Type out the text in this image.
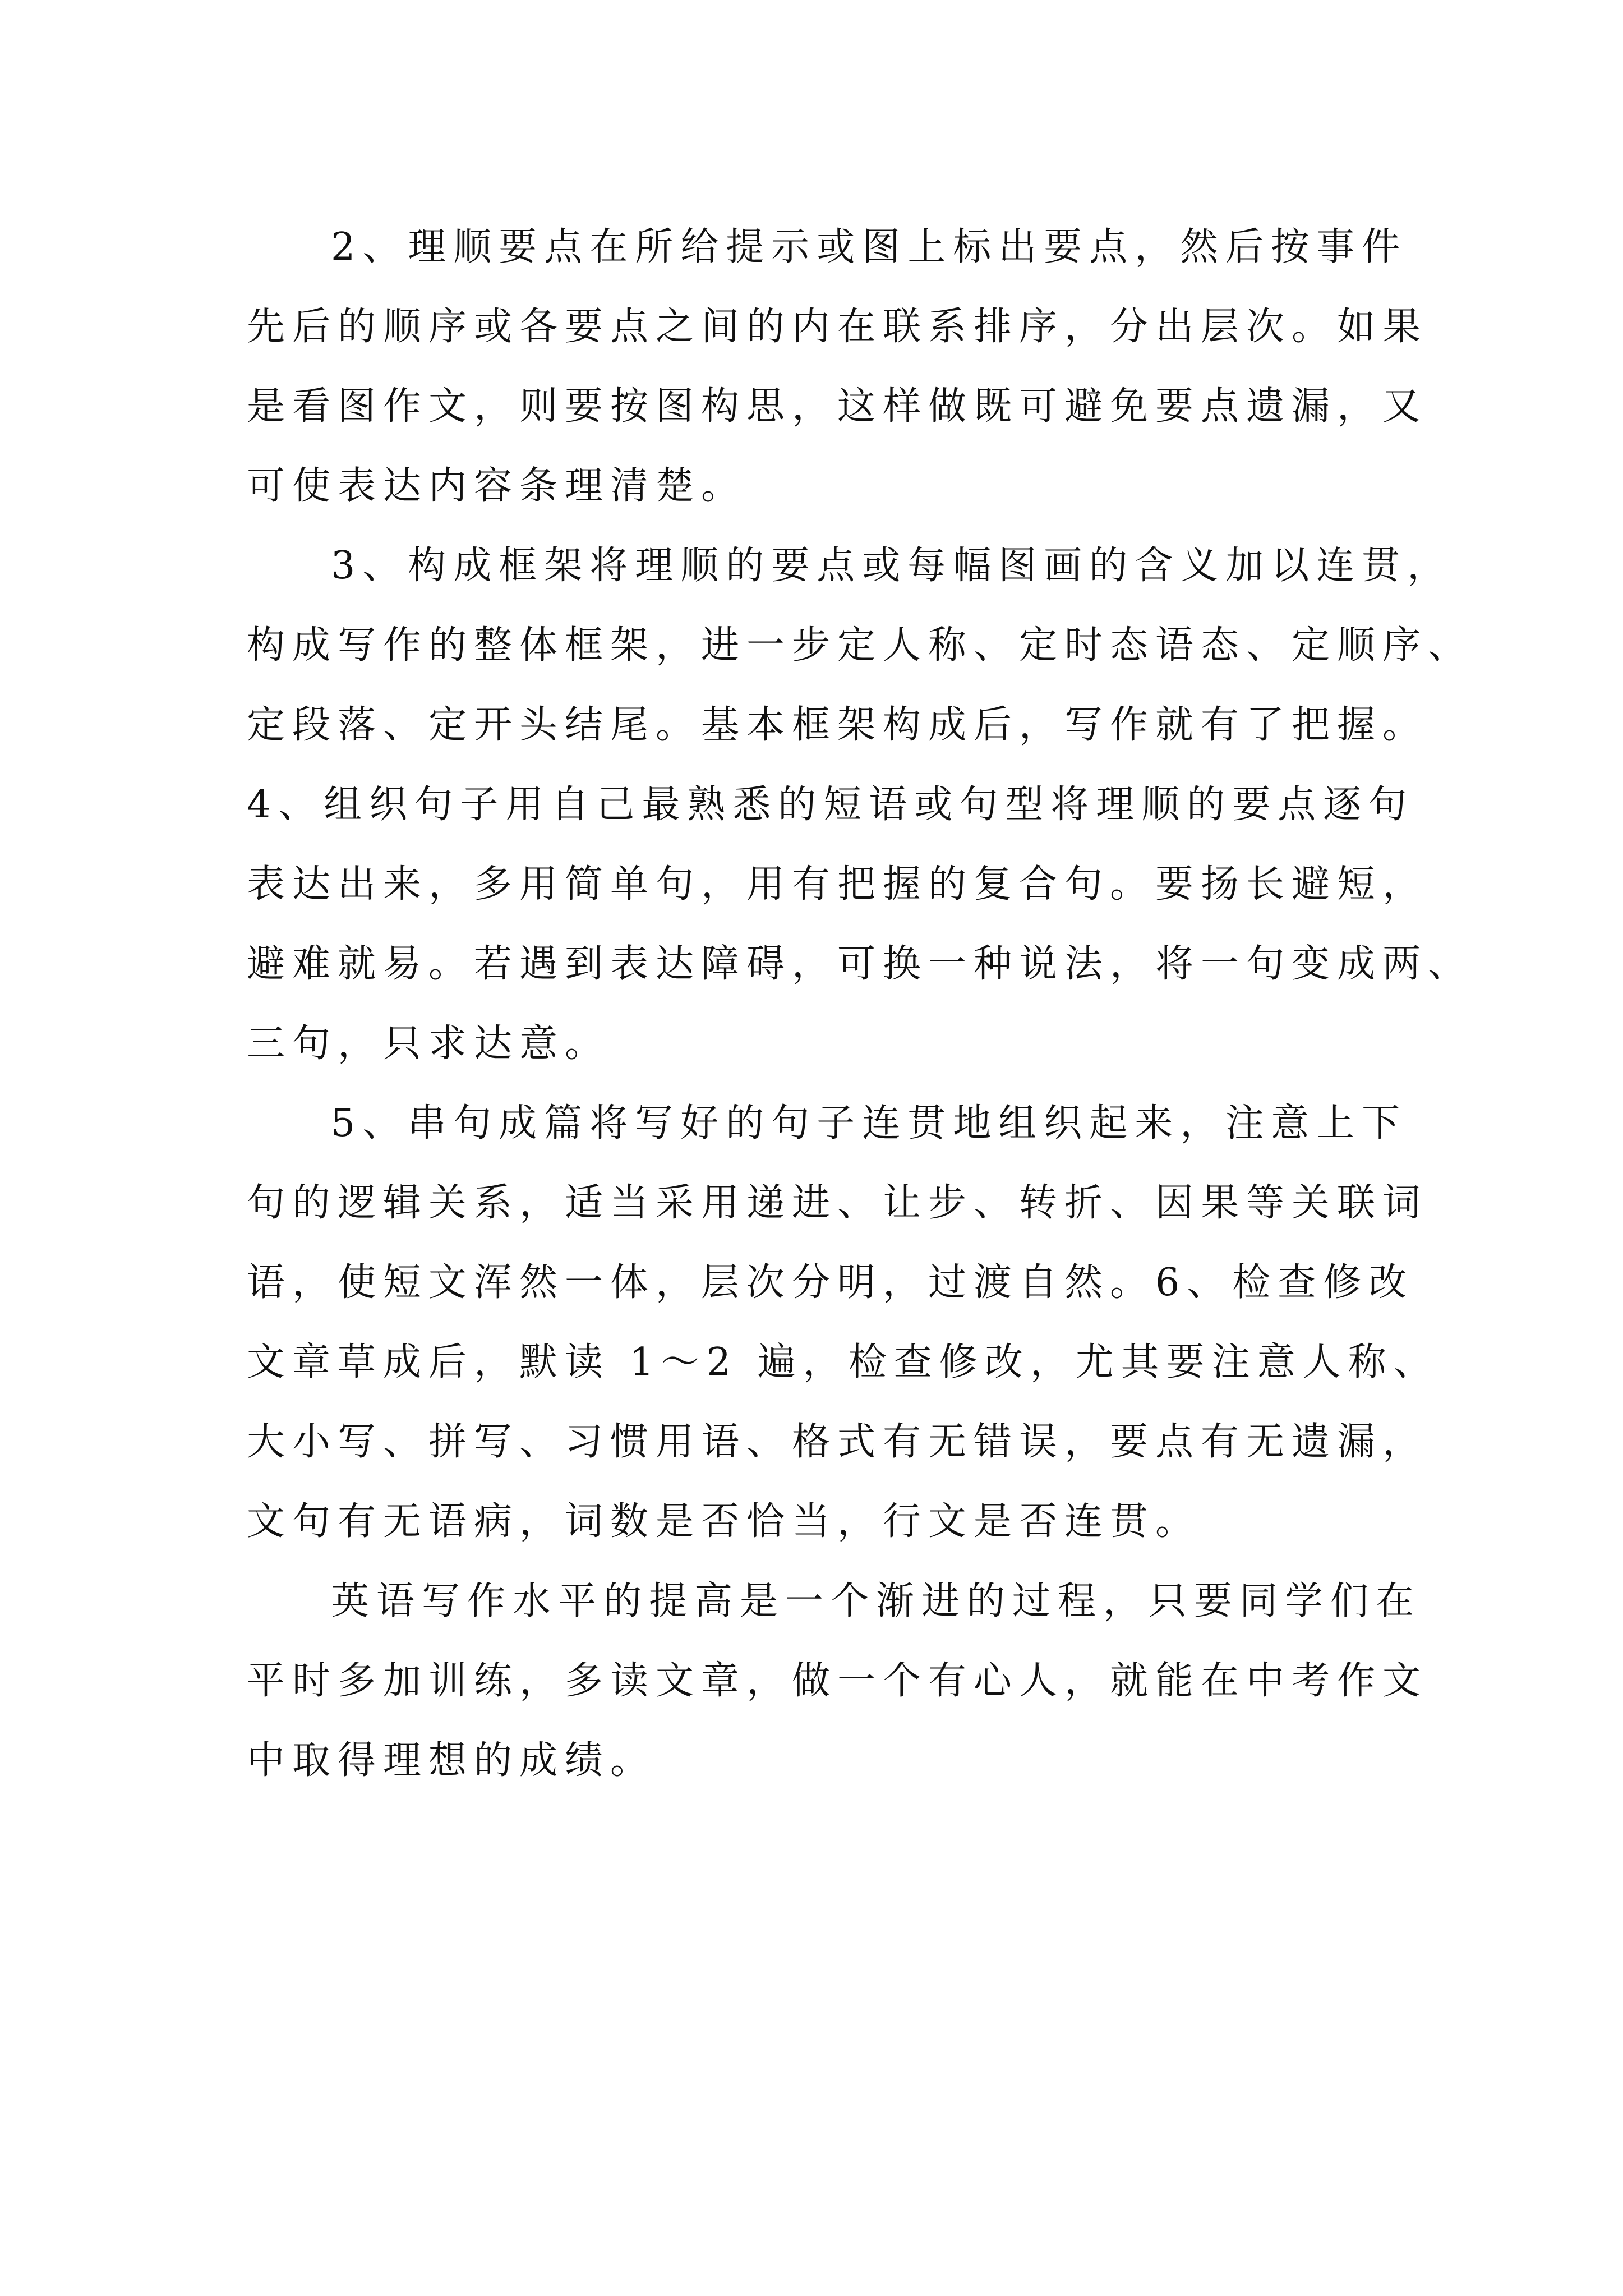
2、理顺要点在所给提示或图上标出要点，然后按事件
先后的顺序或各要点之间的内在联系排序，分出层次。如果
是看图作文，则要按图构思，这样做既可避免要点遗漏，又
可使表达内容条理清楚。
3、构成框架将理顺的要点或每幅图画的含义加以连贯，
构成写作的整体框架，进一步定人称、定时态语态、定顺序、
定段落、定开头结尾。基本框架构成后，写作就有了把握。
4、组织句子用自己最熟悉的短语或句型将理顺的要点逐句
表达出来，多用简单句，用有把握的复合句。要扬长避短，
避难就易。若遇到表达障碍，可换一种说法，将一句变成两、
三句，只求达意。
5、串句成篇将写好的句子连贯地组织起来，注意上下
句的逻辑关系，适当采用递进、让步、转折、因果等关联词
语，使短文浑然一体，层次分明，过渡自然。6、检查修改
文章草成后，默读 1～2 遍，检查修改，尤其要注意人称、
大小写、拼写、习惯用语、格式有无错误，要点有无遗漏，
文句有无语病，词数是否恰当，行文是否连贯。
英语写作水平的提高是一个渐进的过程，只要同学们在
平时多加训练，多读文章，做一个有心人，就能在中考作文
中取得理想的成绩。
